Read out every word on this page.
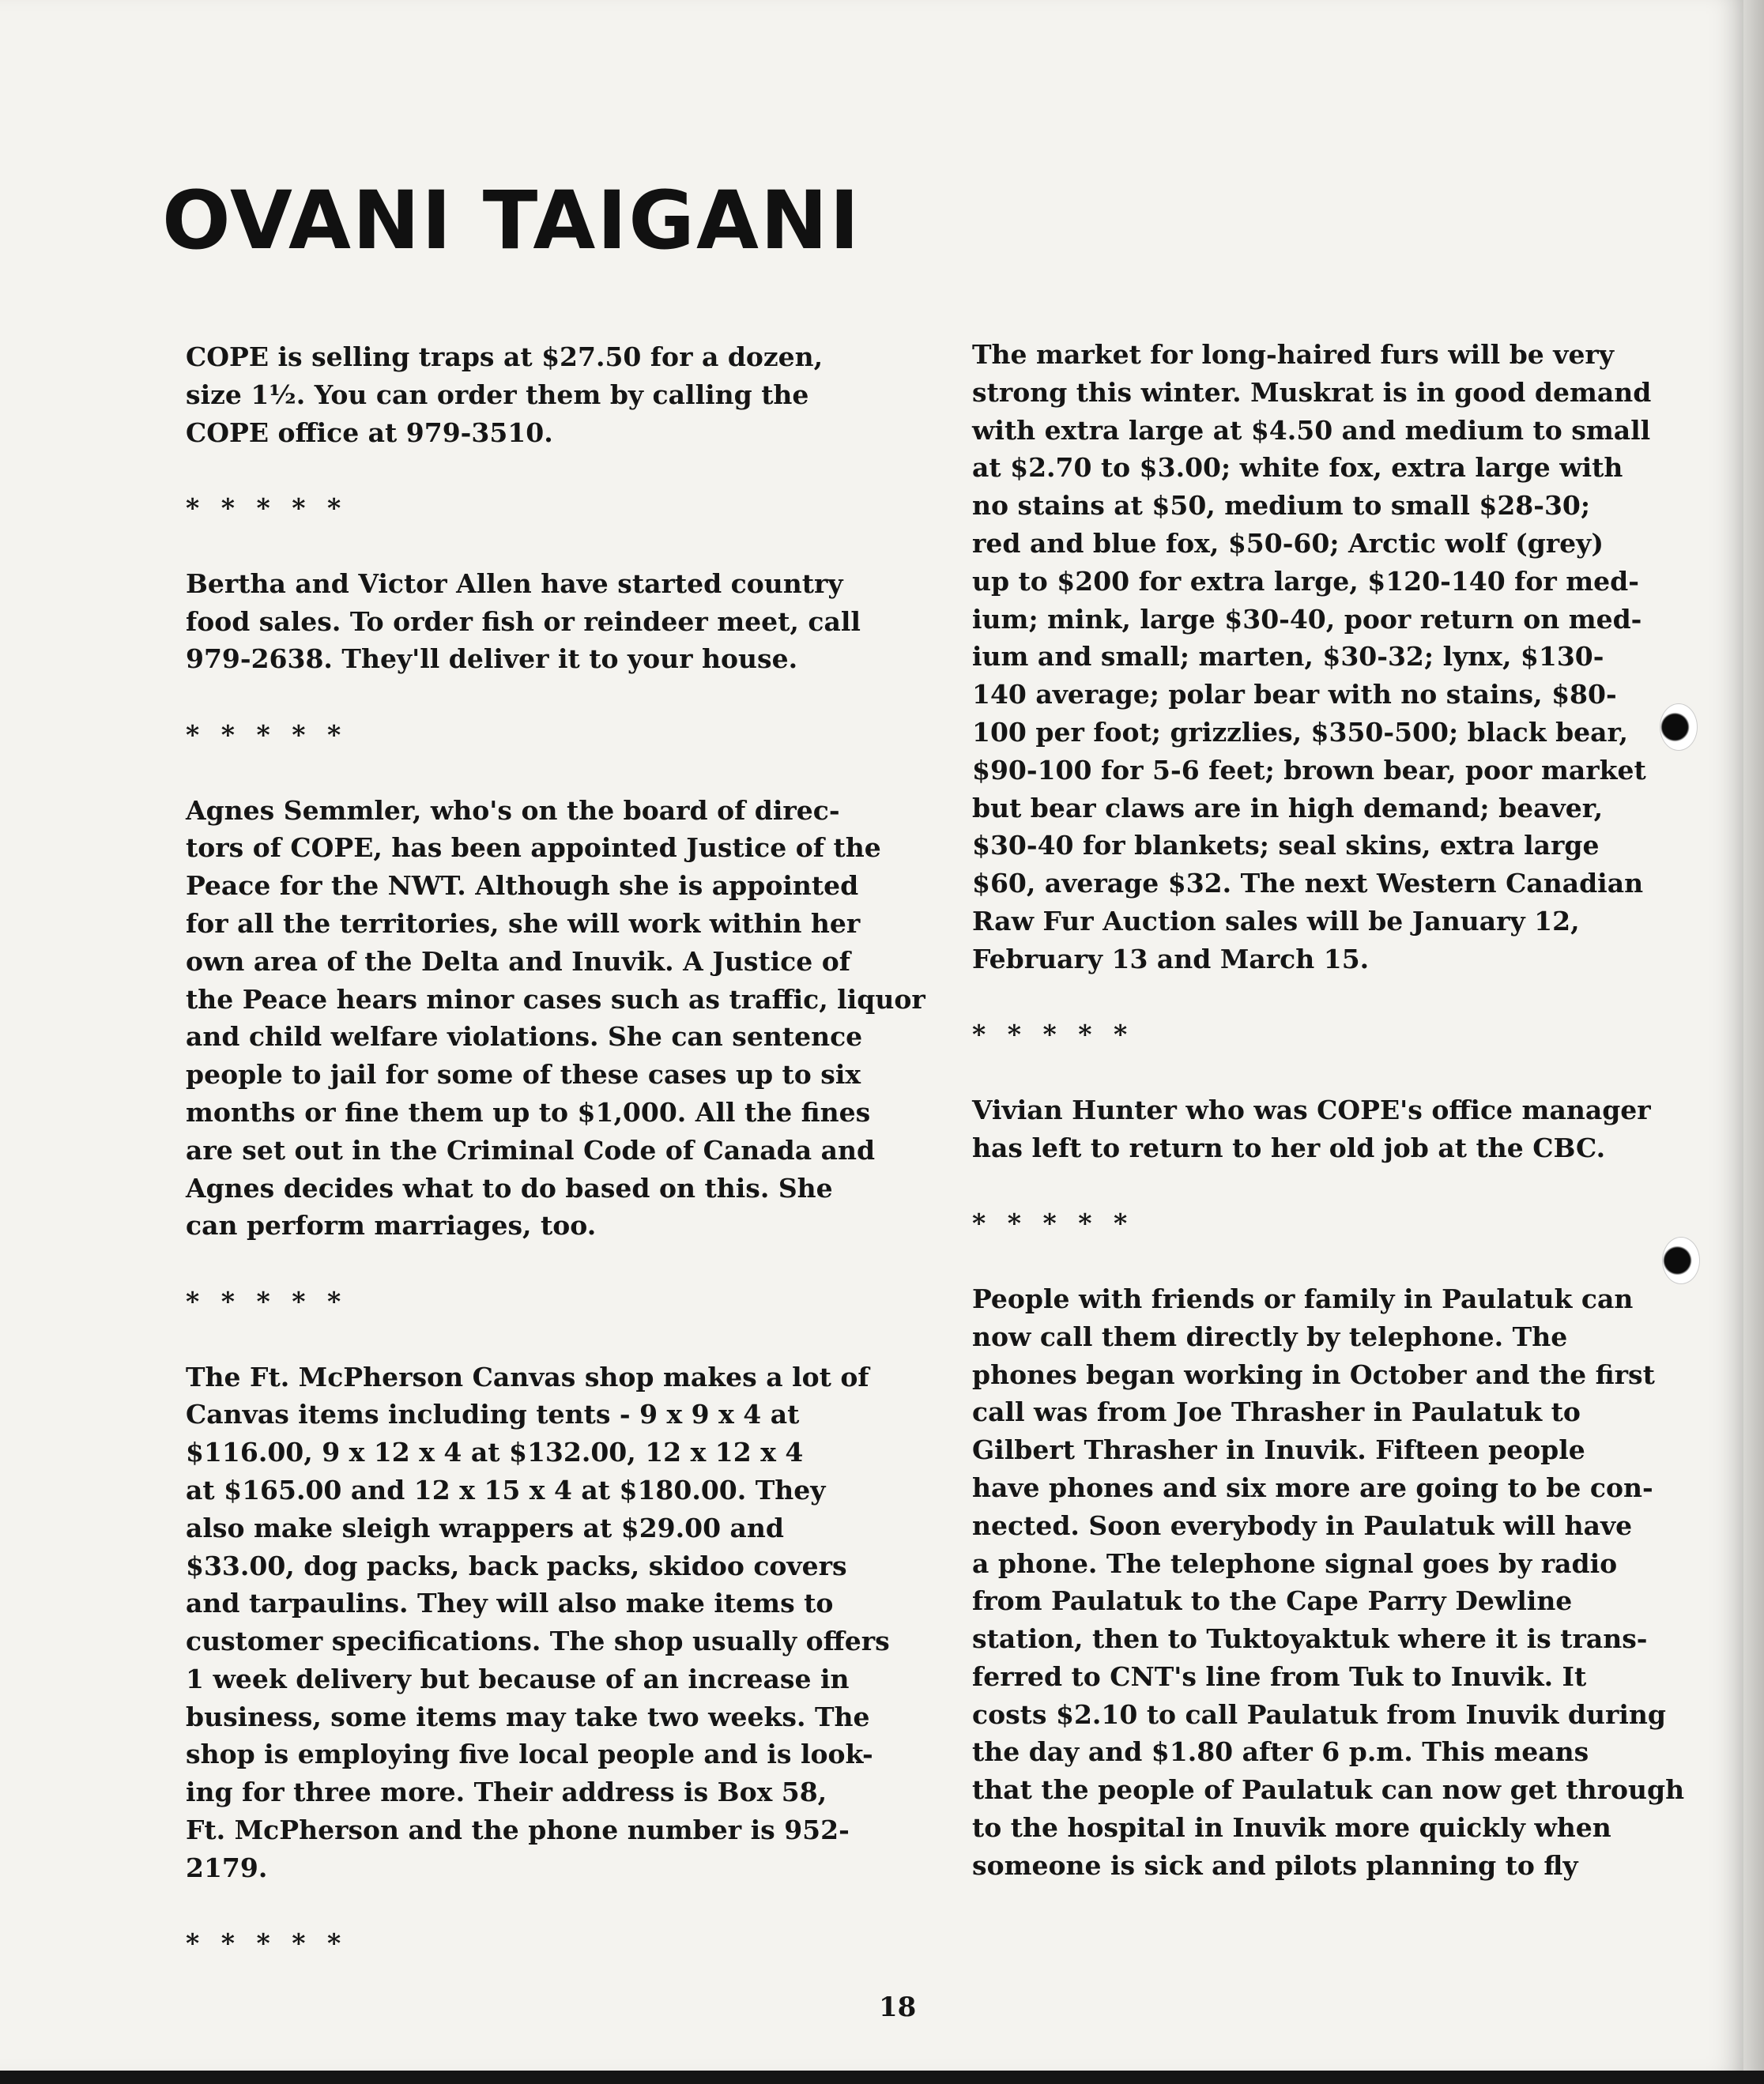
OVANI TAIGANI

COPE is selling traps at $27.50 for a dozen,
size 1½. You can order them by calling the
COPE office at 979-3510.

* * * * *

Bertha and Victor Allen have started country
food sales. To order fish or reindeer meet, call
979-2638. They'll deliver it to your house.

* * * * *

Agnes Semmler, who's on the board of direc-
tors of COPE, has been appointed Justice of the
Peace for the NWT. Although she is appointed
for all the territories, she will work within her
own area of the Delta and Inuvik. A Justice of
the Peace hears minor cases such as traffic, liquor
and child welfare violations. She can sentence
people to jail for some of these cases up to six
months or fine them up to $1,000. All the fines
are set out in the Criminal Code of Canada and
Agnes decides what to do based on this. She
can perform marriages, too.

* * * * *

The Ft. McPherson Canvas shop makes a lot of
Canvas items including tents - 9 x 9 x 4 at
$116.00, 9 x 12 x 4 at $132.00, 12 x 12 x 4
at $165.00 and 12 x 15 x 4 at $180.00. They
also make sleigh wrappers at $29.00 and
$33.00, dog packs, back packs, skidoo covers
and tarpaulins. They will also make items to
customer specifications. The shop usually offers
1 week delivery but because of an increase in
business, some items may take two weeks. The
shop is employing five local people and is look-
ing for three more. Their address is Box 58,
Ft. McPherson and the phone number is 952-
2179.

* * * * *

The market for long-haired furs will be very
strong this winter. Muskrat is in good demand
with extra large at $4.50 and medium to small
at $2.70 to $3.00; white fox, extra large with
no stains at $50, medium to small $28-30;
red and blue fox, $50-60; Arctic wolf (grey)
up to $200 for extra large, $120-140 for med-
ium; mink, large $30-40, poor return on med-
ium and small; marten, $30-32; lynx, $130-
140 average; polar bear with no stains, $80-
100 per foot; grizzlies, $350-500; black bear,
$90-100 for 5-6 feet; brown bear, poor market
but bear claws are in high demand; beaver,
$30-40 for blankets; seal skins, extra large
$60, average $32. The next Western Canadian
Raw Fur Auction sales will be January 12,
February 13 and March 15.

* * * * *

Vivian Hunter who was COPE's office manager
has left to return to her old job at the CBC.

* * * * *

People with friends or family in Paulatuk can
now call them directly by telephone. The
phones began working in October and the first
call was from Joe Thrasher in Paulatuk to
Gilbert Thrasher in Inuvik. Fifteen people
have phones and six more are going to be con-
nected. Soon everybody in Paulatuk will have
a phone. The telephone signal goes by radio
from Paulatuk to the Cape Parry Dewline
station, then to Tuktoyaktuk where it is trans-
ferred to CNT's line from Tuk to Inuvik. It
costs $2.10 to call Paulatuk from Inuvik during
the day and $1.80 after 6 p.m. This means
that the people of Paulatuk can now get through
to the hospital in Inuvik more quickly when
someone is sick and pilots planning to fly

18
